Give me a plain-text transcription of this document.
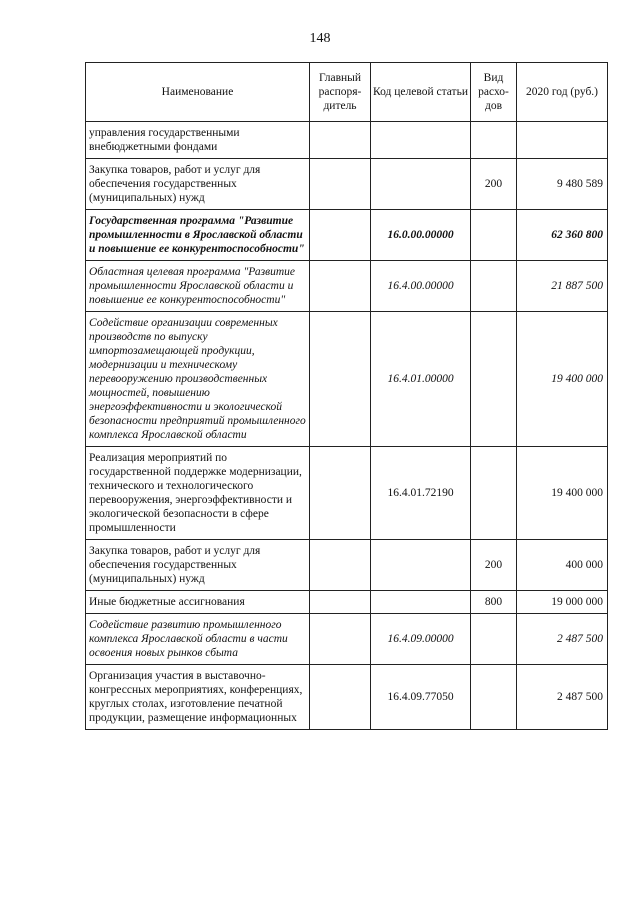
148
Наименование	Главный распоря-дитель	Код целевой статьи	Вид расхо-дов	2020 год (руб.)
управления государственными внебюджетными фондами				
Закупка товаров, работ и услуг для обеспечения государственных (муниципальных) нужд			200	9 480 589
Государственная программа "Развитие промышленности в Ярославской области и повышение ее конкурентоспособности"		16.0.00.00000		62 360 800
Областная целевая программа "Развитие промышленности Ярославской области и повышение ее конкурентоспособности"		16.4.00.00000		21 887 500
Содействие организации современных производств по выпуску импортозамещающей продукции, модернизации и техническому перевооружению производственных мощностей, повышению энергоэффективности и экологической безопасности предприятий промышленного комплекса Ярославской области		16.4.01.00000		19 400 000
Реализация мероприятий по государственной поддержке модернизации, технического и технологического перевооружения, энергоэффективности и экологической безопасности в сфере промышленности		16.4.01.72190		19 400 000
Закупка товаров, работ и услуг для обеспечения государственных (муниципальных) нужд			200	400 000
Иные бюджетные ассигнования			800	19 000 000
Содействие развитию промышленного комплекса Ярославской области в части освоения новых рынков сбыта		16.4.09.00000		2 487 500
Организация участия в выставочно-конгрессных мероприятиях, конференциях, круглых столах, изготовление печатной продукции, размещение информационных		16.4.09.77050		2 487 500
